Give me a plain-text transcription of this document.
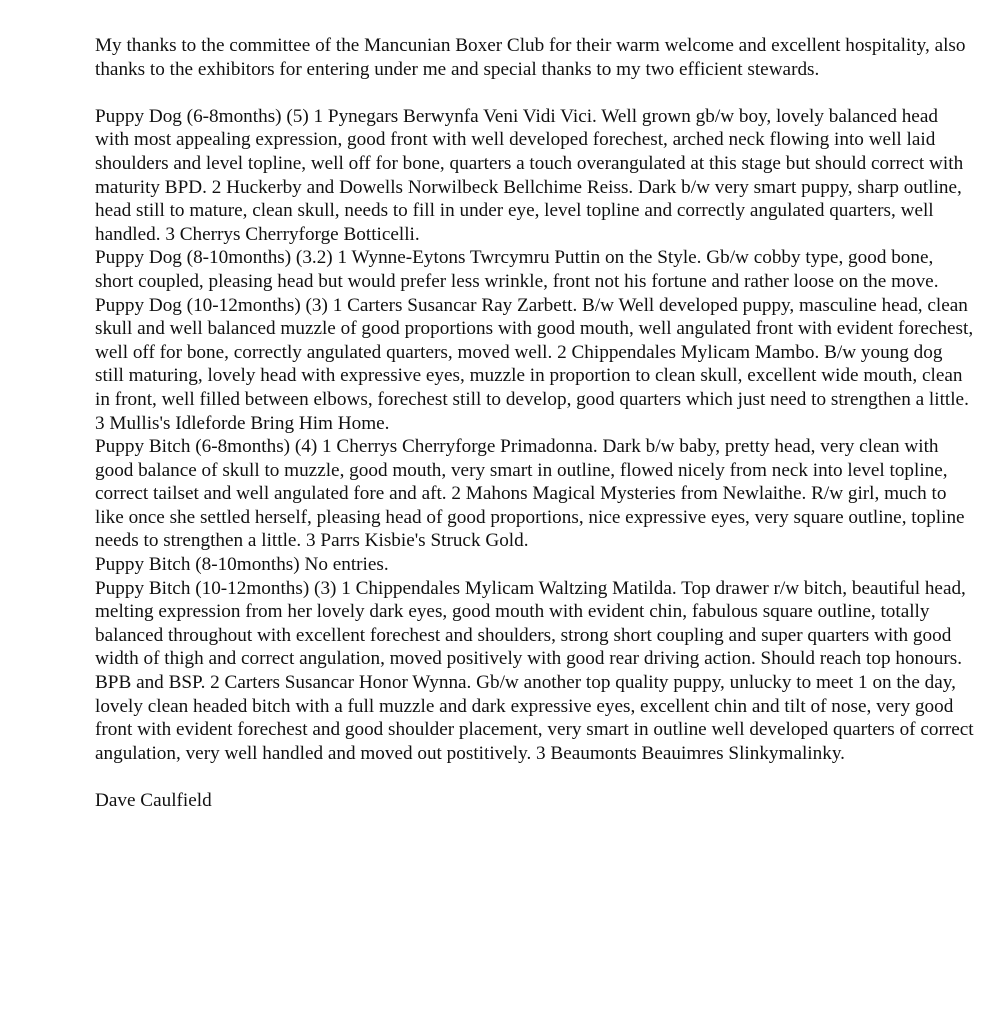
My thanks to the committee of the Mancunian Boxer Club for their warm welcome and excellent hospitality, also thanks to the exhibitors for entering under me and special thanks to my two efficient stewards.

Puppy Dog (6-8months) (5) 1 Pynegars Berwynfa Veni Vidi Vici. Well grown gb/w boy, lovely balanced head with most appealing expression, good front with well developed forechest, arched neck flowing into well laid shoulders and level topline, well off for bone, quarters a touch overangulated at this stage but should correct with maturity BPD. 2 Huckerby and Dowells Norwilbeck Bellchime Reiss. Dark b/w very smart puppy, sharp outline, head still to mature, clean skull, needs to fill in under eye, level topline and correctly angulated quarters, well handled. 3 Cherrys Cherryforge Botticelli.

Puppy Dog (8-10months) (3.2) 1 Wynne-Eytons Twrcymru Puttin on the Style. Gb/w cobby type, good bone, short coupled, pleasing head but would prefer less wrinkle, front not his fortune and rather loose on the move.

Puppy Dog (10-12months) (3) 1 Carters Susancar Ray Zarbett. B/w Well developed puppy, masculine head, clean skull and well balanced muzzle of good proportions with good mouth, well angulated front with evident forechest, well off for bone, correctly angulated quarters, moved well. 2 Chippendales Mylicam Mambo. B/w young dog still maturing, lovely head with expressive eyes, muzzle in proportion to clean skull, excellent wide mouth, clean in front, well filled between elbows, forechest still to develop, good quarters which just need to strengthen a little. 3 Mullis's Idleforde Bring Him Home.

Puppy Bitch (6-8months) (4) 1 Cherrys Cherryforge Primadonna. Dark b/w baby, pretty head, very clean with good balance of skull to muzzle, good mouth, very smart in outline, flowed nicely from neck into level topline, correct tailset and well angulated fore and aft. 2 Mahons Magical Mysteries from Newlaithe. R/w girl, much to like once she settled herself, pleasing head of good proportions, nice expressive eyes, very square outline, topline needs to strengthen a little. 3 Parrs Kisbie's Struck Gold.

Puppy Bitch (8-10months) No entries.

Puppy Bitch (10-12months) (3) 1 Chippendales Mylicam Waltzing Matilda. Top drawer r/w bitch, beautiful head, melting expression from her lovely dark eyes, good mouth with evident chin, fabulous square outline, totally balanced throughout with excellent forechest and shoulders, strong short coupling and super quarters with good width of thigh and correct angulation, moved positively with good rear driving action. Should reach top honours. BPB and BSP. 2 Carters Susancar Honor Wynna. Gb/w another top quality puppy, unlucky to meet 1 on the day, lovely clean headed bitch with a full muzzle and dark expressive eyes, excellent chin and tilt of nose, very good front with evident forechest and good shoulder placement, very smart in outline well developed quarters of correct angulation, very well handled and moved out postitively. 3 Beaumonts Beauimres Slinkymalinky.

Dave Caulfield
